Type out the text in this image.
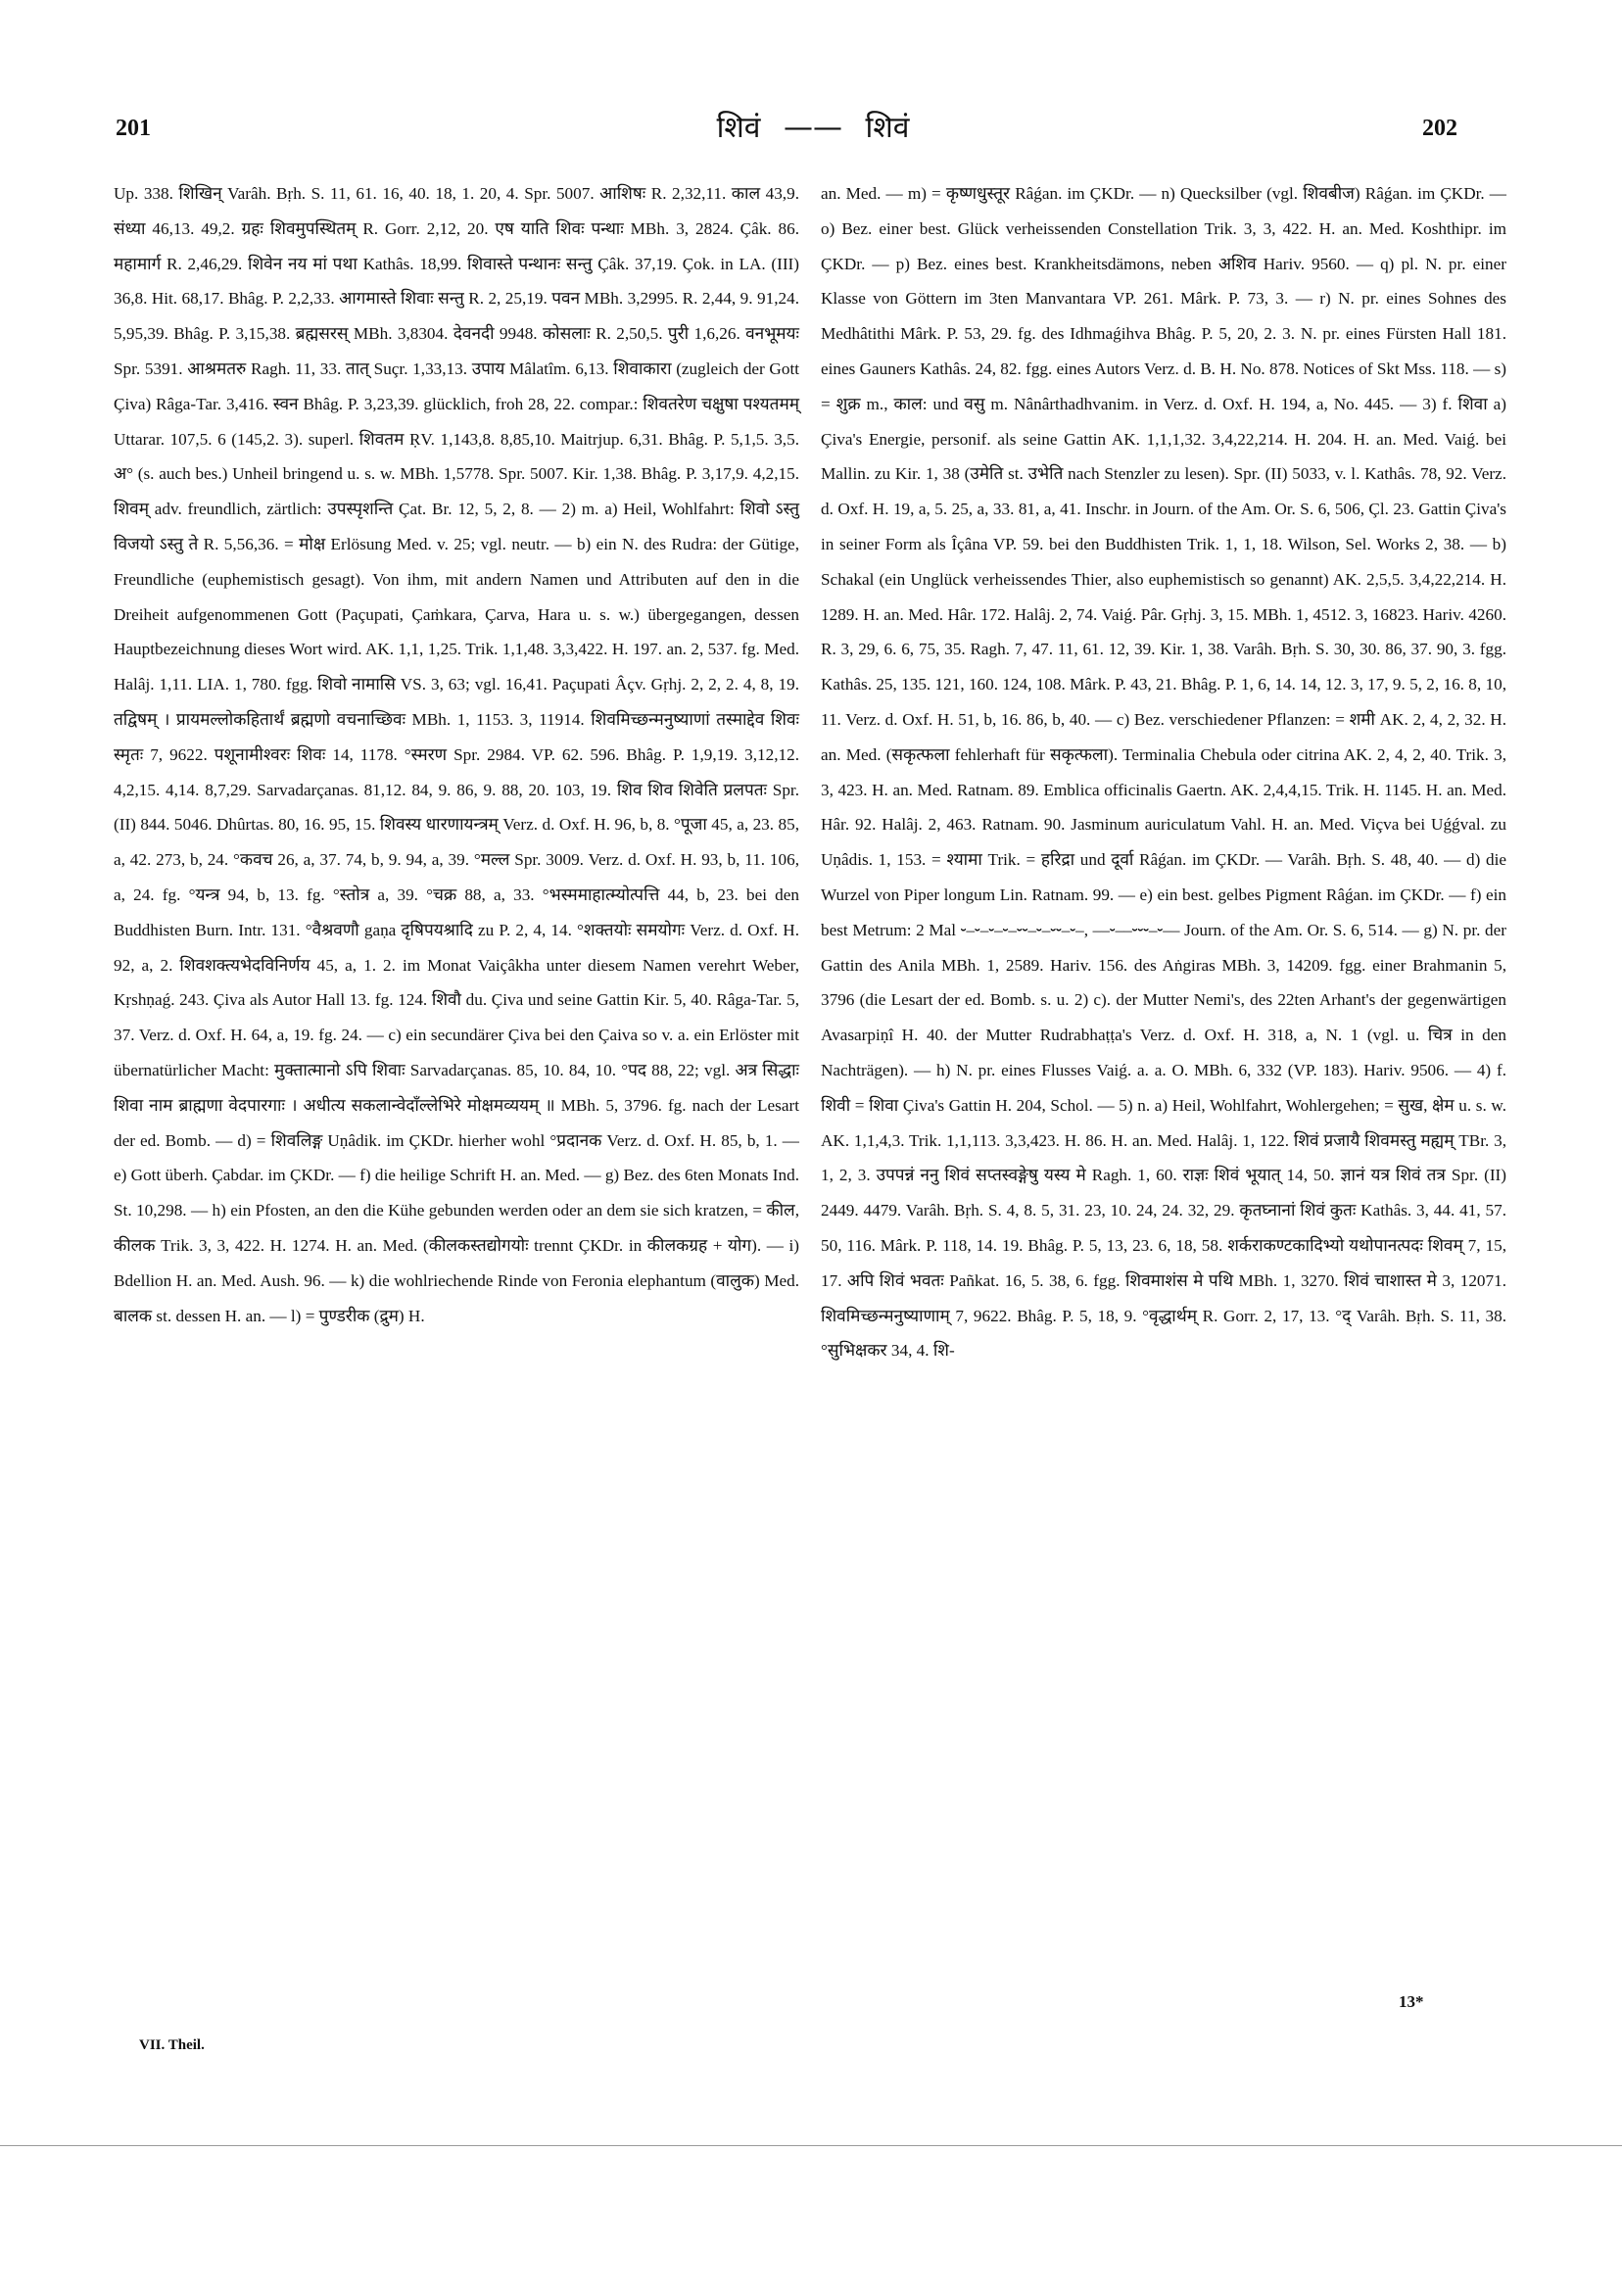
201	शिवं —— शिवं	202

Up. 338. शिखिन् Varâh. Bṛh. S. 11, 61. 16, 40. 18, 1. 20, 4. Spr. 5007. आशिषः R. 2,32,11. काल 43,9. संध्या 46,13. 49,2. ग्रहः शिवमुपस्थितम् R. Gorr. 2,12, 20. एष याति शिवः पन्थाः MBh. 3, 2824. Çâk. 86. महामार्ग R. 2,46,29. शिवेन नय मां पथा Kathâs. 18,99. शिवास्ते पन्थानः सन्तु Çâk. 37,19. Çok. in LA. (III) 36,8. Hit. 68,17. Bhâg. P. 2,2,33. आगमास्ते शिवाः सन्तु R. 2, 25,19. पवन MBh. 3,2995. R. 2,44, 9. 91,24. 5,95,39. Bhâg. P. 3,15,38. ब्रह्मसरस् MBh. 3,8304. देवनदी 9948. कोसलाः R. 2,50,5. पुरी 1,6,26. वनभूमयः Spr. 5391. आश्रमतरु Ragh. 11, 33. तात् Suçr. 1,33,13. उपाय Mâlatîm. 6,13. शिवाकारा (zugleich der Gott Çiva) Râga-Tar. 3,416. स्वन Bhâg. P. 3,23,39. glücklich, froh 28, 22. compar.: शिवतरेण चक्षुषा पश्यतमम् Uttarar. 107,5. 6 (145,2. 3). superl. शिवतम ṚV. 1,143,8. 8,85,10. Maitrjup. 6,31. Bhâg. P. 5,1,5. 3,5. अ° (s. auch bes.) Unheil bringend u. s. w. MBh. 1,5778. Spr. 5007. Kir. 1,38. Bhâg. P. 3,17,9. 4,2,15. शिवम् adv. freundlich, zärtlich: उपस्पृशन्ति Çat. Br. 12, 5, 2, 8. — 2) m. a) Heil, Wohlfahrt: शिवो ऽस्तु विजयो ऽस्तु ते R. 5,56,36. = मोक्ष Erlösung Med. v. 25; vgl. neutr. — b) ein N. des Rudra: der Gütige, Freundliche (euphemistisch gesagt). Von ihm, mit andern Namen und Attributen auf den in die Dreiheit aufgenommenen Gott (Paçupati, Çaṁkara, Çarva, Hara u. s. w.) übergegangen, dessen Hauptbezeichnung dieses Wort wird. AK. 1,1, 1,25. Trik. 1,1,48. 3,3,422. H. 197. an. 2, 537. fg. Med. Halâj. 1,11. LIA. 1, 780. fgg. शिवो नामासि VS. 3, 63; vgl. 16,41. Paçupati Âçv. Gṛhj. 2, 2, 2. 4, 8, 19. तद्विषम् । प्रायमल्लोकहितार्थं ब्रह्मणो वचनाच्छिवः MBh. 1, 1153. 3, 11914. शिवमिच्छन्मनुष्याणां तस्माद्देव शिवः स्मृतः 7, 9622. पशूनामीश्वरः शिवः 14, 1178. °स्मरण Spr. 2984. VP. 62. 596. Bhâg. P. 1,9,19. 3,12,12. 4,2,15. 4,14. 8,7,29. Sarvadarçanas. 81,12. 84, 9. 86, 9. 88, 20. 103, 19. शिव शिव शिवेति प्रलपतः Spr. (II) 844. 5046. Dhûrtas. 80, 16. 95, 15. शिवस्य धारणायन्त्रम् Verz. d. Oxf. H. 96, b, 8. °पूजा 45, a, 23. 85, a, 42. 273, b, 24. °कवच 26, a, 37. 74, b, 9. 94, a, 39. °मल्ल Spr. 3009. Verz. d. Oxf. H. 93, b, 11. 106, a, 24. fg. °यन्त्र 94, b, 13. fg. °स्तोत्र a, 39. °चक्र 88, a, 33. °भस्ममाहात्म्योत्पत्ति 44, b, 23. bei den Buddhisten Burn. Intr. 131. °वैश्रवणौ gaṇa दृषिपयश्रादि zu P. 2, 4, 14. °शक्तयोः समयोगः Verz. d. Oxf. H. 92, a, 2. शिवशक्त्यभेदविनिर्णय 45, a, 1. 2. im Monat Vaiçâkha unter diesem Namen verehrt Weber, Kṛshṇaǵ. 243. Çiva als Autor Hall 13. fg. 124. शिवौ du. Çiva und seine Gattin Kir. 5, 40. Râga-Tar. 5, 37. Verz. d. Oxf. H. 64, a, 19. fg. 24. — c) ein secundärer Çiva bei den Çaiva so v. a. ein Erlöster mit übernatürlicher Macht: मुक्तात्मानो ऽपि शिवाः Sarvadarçanas. 85, 10. 84, 10. °पद 88, 22; vgl. अत्र सिद्धाः शिवा नाम ब्राह्मणा वेदपारगाः । अधीत्य सकलान्वेदाँल्लेभिरे मोक्षमव्ययम् ॥ MBh. 5, 3796. fg. nach der Lesart der ed. Bomb. — d) = शिवलिङ्ग Uṇâdik. im ÇKDr. hierher wohl °प्रदानक Verz. d. Oxf. H. 85, b, 1. — e) Gott überh. Çabdar. im ÇKDr. — f) die heilige Schrift H. an. Med. — g) Bez. des 6ten Monats Ind. St. 10,298. — h) ein Pfosten, an den die Kühe gebunden werden oder an dem sie sich kratzen, = कील, कीलक Trik. 3, 3, 422. H. 1274. H. an. Med. (कीलकस्तद्योगयोः trennt ÇKDr. in कीलकग्रह + योग). — i) Bdellion H. an. Med. Aush. 96. — k) die wohlriechende Rinde von Feronia elephantum (वालुक) Med. बालक st. dessen H. an. — l) = पुण्डरीक (द्रुम) H.

an. Med. — m) = कृष्णधुस्तूर Râǵan. im ÇKDr. — n) Quecksilber (vgl. शिवबीज) Râǵan. im ÇKDr. — o) Bez. einer best. Glück verheissenden Constellation Trik. 3, 3, 422. H. an. Med. Koshthipr. im ÇKDr. — p) Bez. eines best. Krankheitsdämons, neben अशिव Hariv. 9560. — q) pl. N. pr. einer Klasse von Göttern im 3ten Manvantara VP. 261. Mârk. P. 73, 3. — r) N. pr. eines Sohnes des Medhâtithi Mârk. P. 53, 29. fg. des Idhmaǵihva Bhâg. P. 5, 20, 2. 3. N. pr. eines Fürsten Hall 181. eines Gauners Kathâs. 24, 82. fgg. eines Autors Verz. d. B. H. No. 878. Notices of Skt Mss. 118. — s) = शुक्र m., काल: und वसु m. Nânârthadhvanim. in Verz. d. Oxf. H. 194, a, No. 445. — 3) f. शिवा a) Çiva's Energie, personif. als seine Gattin AK. 1,1,1,32. 3,4,22,214. H. 204. H. an. Med. Vaiǵ. bei Mallin. zu Kir. 1, 38 (उमेति st. उभेति nach Stenzler zu lesen). Spr. (II) 5033, v. l. Kathâs. 78, 92. Verz. d. Oxf. H. 19, a, 5. 25, a, 33. 81, a, 41. Inschr. in Journ. of the Am. Or. S. 6, 506, Çl. 23. Gattin Çiva's in seiner Form als Îçâna VP. 59. bei den Buddhisten Trik. 1, 1, 18. Wilson, Sel. Works 2, 38. — b) Schakal (ein Unglück verheissendes Thier, also euphemistisch so genannt) AK. 2,5,5. 3,4,22,214. H. 1289. H. an. Med. Hâr. 172. Halâj. 2, 74. Vaiǵ. Pâr. Gṛhj. 3, 15. MBh. 1, 4512. 3, 16823. Hariv. 4260. R. 3, 29, 6. 6, 75, 35. Ragh. 7, 47. 11, 61. 12, 39. Kir. 1, 38. Varâh. Bṛh. S. 30, 30. 86, 37. 90, 3. fgg. Kathâs. 25, 135. 121, 160. 124, 108. Mârk. P. 43, 21. Bhâg. P. 1, 6, 14. 14, 12. 3, 17, 9. 5, 2, 16. 8, 10, 11. Verz. d. Oxf. H. 51, b, 16. 86, b, 40. — c) Bez. verschiedener Pflanzen: = शमी AK. 2, 4, 2, 32. H. an. Med. (सकृत्फला fehlerhaft für सकृत्फला). Terminalia Chebula oder citrina AK. 2, 4, 2, 40. Trik. 3, 3, 423. H. an. Med. Ratnam. 89. Emblica officinalis Gaertn. AK. 2,4,4,15. Trik. H. 1145. H. an. Med. Hâr. 92. Halâj. 2, 463. Ratnam. 90. Jasminum auriculatum Vahl. H. an. Med. Viçva bei Uǵǵval. zu Uṇâdis. 1, 153. = श्यामा Trik. = हरिद्रा und दूर्वा Râǵan. im ÇKDr. — Varâh. Bṛh. S. 48, 40. — d) die Wurzel von Piper longum Lin. Ratnam. 99. — e) ein best. gelbes Pigment Râǵan. im ÇKDr. — f) ein best Metrum: 2 Mal ⏑–⏑–⏑–⏑–⏑⏑–⏑–⏑⏑–⏑–, ––⏑––⏑⏑⏑–⏑–– Journ. of the Am. Or. S. 6, 514. — g) N. pr. der Gattin des Anila MBh. 1, 2589. Hariv. 156. des Aṅgiras MBh. 3, 14209. fgg. einer Brahmanin 5, 3796 (die Lesart der ed. Bomb. s. u. 2) c). der Mutter Nemi's, des 22ten Arhant's der gegenwärtigen Avasarpiṇî H. 40. der Mutter Rudrabhaṭṭa's Verz. d. Oxf. H. 318, a, N. 1 (vgl. u. चित्र in den Nachträgen). — h) N. pr. eines Flusses Vaiǵ. a. a. O. MBh. 6, 332 (VP. 183). Hariv. 9506. — 4) f. शिवी = शिवा Çiva's Gattin H. 204, Schol. — 5) n. a) Heil, Wohlfahrt, Wohlergehen; = सुख, क्षेम u. s. w. AK. 1,1,4,3. Trik. 1,1,113. 3,3,423. H. 86. H. an. Med. Halâj. 1, 122. शिवं प्रजायै शिवमस्तु मह्यम् TBr. 3, 1, 2, 3. उपपन्नं ननु शिवं सप्तस्वङ्गेषु यस्य मे Ragh. 1, 60. राज्ञः शिवं भूयात् 14, 50. ज्ञानं यत्र शिवं तत्र Spr. (II) 2449. 4479. Varâh. Bṛh. S. 4, 8. 5, 31. 23, 10. 24, 24. 32, 29. कृतघ्नानां शिवं कुतः Kathâs. 3, 44. 41, 57. 50, 116. Mârk. P. 118, 14. 19. Bhâg. P. 5, 13, 23. 6, 18, 58. शर्कराकण्टकादिभ्यो यथोपानत्पदः शिवम् 7, 15, 17. अपि शिवं भवतः Pañkat. 16, 5. 38, 6. fgg. शिवमाशंस मे पथि MBh. 1, 3270. शिवं चाशास्त मे 3, 12071. शिवमिच्छन्मनुष्याणाम् 7, 9622. Bhâg. P. 5, 18, 9. °वृद्धार्थम् R. Gorr. 2, 17, 13. °द् Varâh. Bṛh. S. 11, 38. °सुभिक्षकर 34, 4. शि-

VII. Theil.
13*
